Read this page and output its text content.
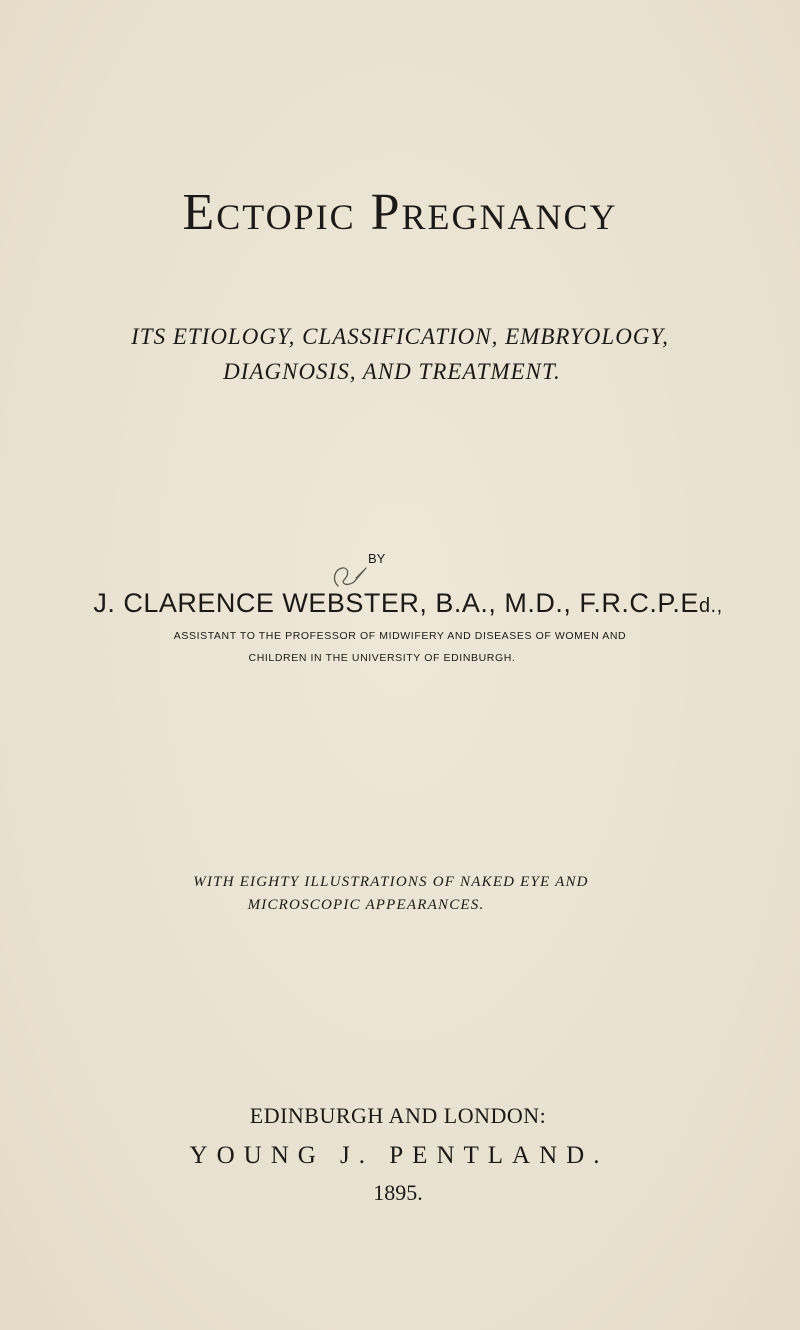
Ectopic Pregnancy
ITS ETIOLOGY, CLASSIFICATION, EMBRYOLOGY,
DIAGNOSIS, AND TREATMENT.
BY
J. CLARENCE WEBSTER, B.A., M.D., F.R.C.P.Ed.,
ASSISTANT TO THE PROFESSOR OF MIDWIFERY AND DISEASES OF WOMEN AND
CHILDREN IN THE UNIVERSITY OF EDINBURGH.
WITH EIGHTY ILLUSTRATIONS OF NAKED EYE AND
MICROSCOPIC APPEARANCES.
EDINBURGH AND LONDON:
YOUNG J. PENTLAND.
1895.
